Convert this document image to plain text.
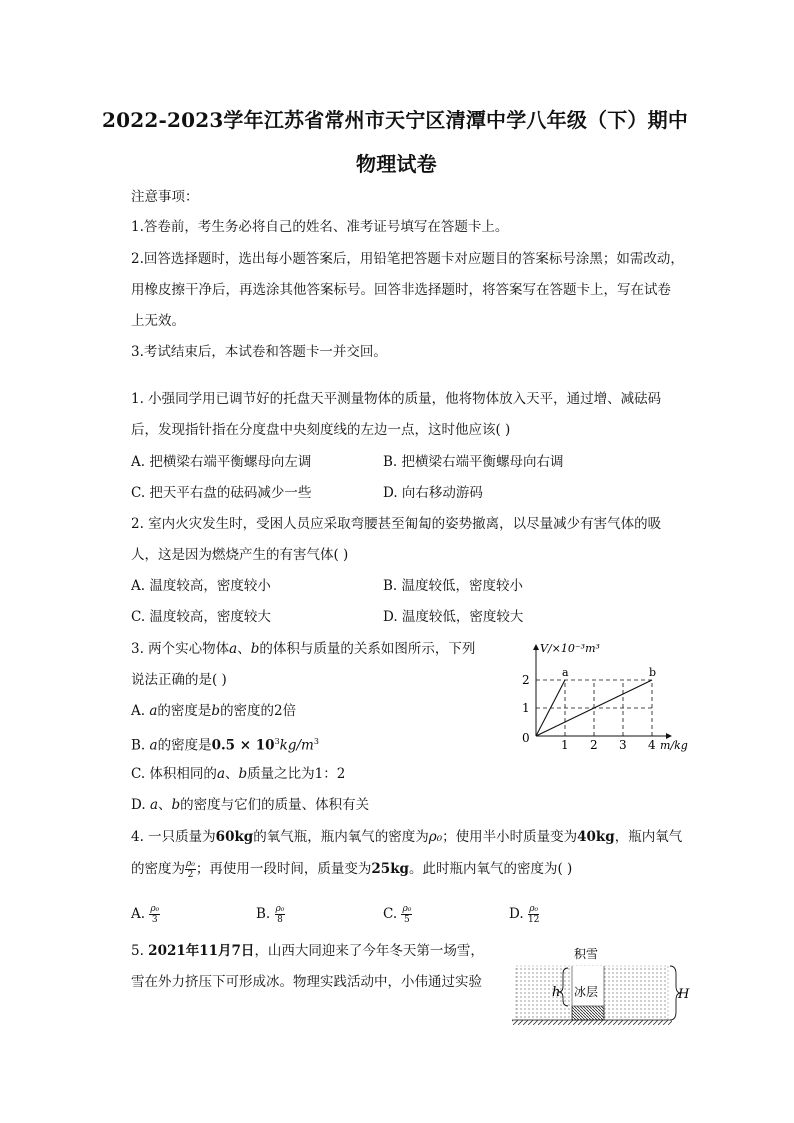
2022-2023学年江苏省常州市天宁区清潭中学八年级（下）期中
物理试卷
注意事项：
1.答卷前，考生务必将自己的姓名、准考证号填写在答题卡上。
2.回答选择题时，选出每小题答案后，用铅笔把答题卡对应题目的答案标号涂黑；如需改动，
用橡皮擦干净后，再选涂其他答案标号。回答非选择题时，将答案写在答题卡上，写在试卷
上无效。
3.考试结束后，本试卷和答题卡一并交回。
1. 小强同学用已调节好的托盘天平测量物体的质量，他将物体放入天平，通过增、减砝码
后，发现指针指在分度盘中央刻度线的左边一点，这时他应该( )
A. 把横梁右端平衡螺母向左调	B. 把横梁右端平衡螺母向右调
C. 把天平右盘的砝码减少一些	D. 向右移动游码
2. 室内火灾发生时，受困人员应采取弯腰甚至匍匐的姿势撤离，以尽量减少有害气体的吸
人，这是因为燃烧产生的有害气体( )
A. 温度较高，密度较小	B. 温度较低，密度较小
C. 温度较高，密度较大	D. 温度较低，密度较大
3. 两个实心物体a、b的体积与质量的关系如图所示，下列
说法正确的是( )
A. a的密度是b的密度的2倍
B. a的密度是$0.5 \times 10^3kg/m^3$
C. 体积相同的a、b质量之比为1：2
D. a、b的密度与它们的质量、体积有关
V/×10⁻³m³
m/kg
0	1 2 3 4
1
2
a	b
4. 一只质量为60kg的氧气瓶，瓶内氧气的密度为ρ₀；使用半小时质量变为40kg，瓶内氧气
的密度为 $\frac{\text{ρ₀}}{2}$ ；再使用一段时间，质量变为25kg。此时瓶内氧气的密度为( )
A. $\frac{\text{ρ₀}}{3}$	B. $\frac{\text{ρ₀}}{8}$	C. $\frac{\text{ρ₀}}{5}$	D. $\frac{\text{ρ₀}}{12}$
5. 2021年11月7日，山西大同迎来了今年冬天第一场雪，
雪在外力挤压下可形成冰。物理实践活动中，小伟通过实验
h	H
积雪
冰层
